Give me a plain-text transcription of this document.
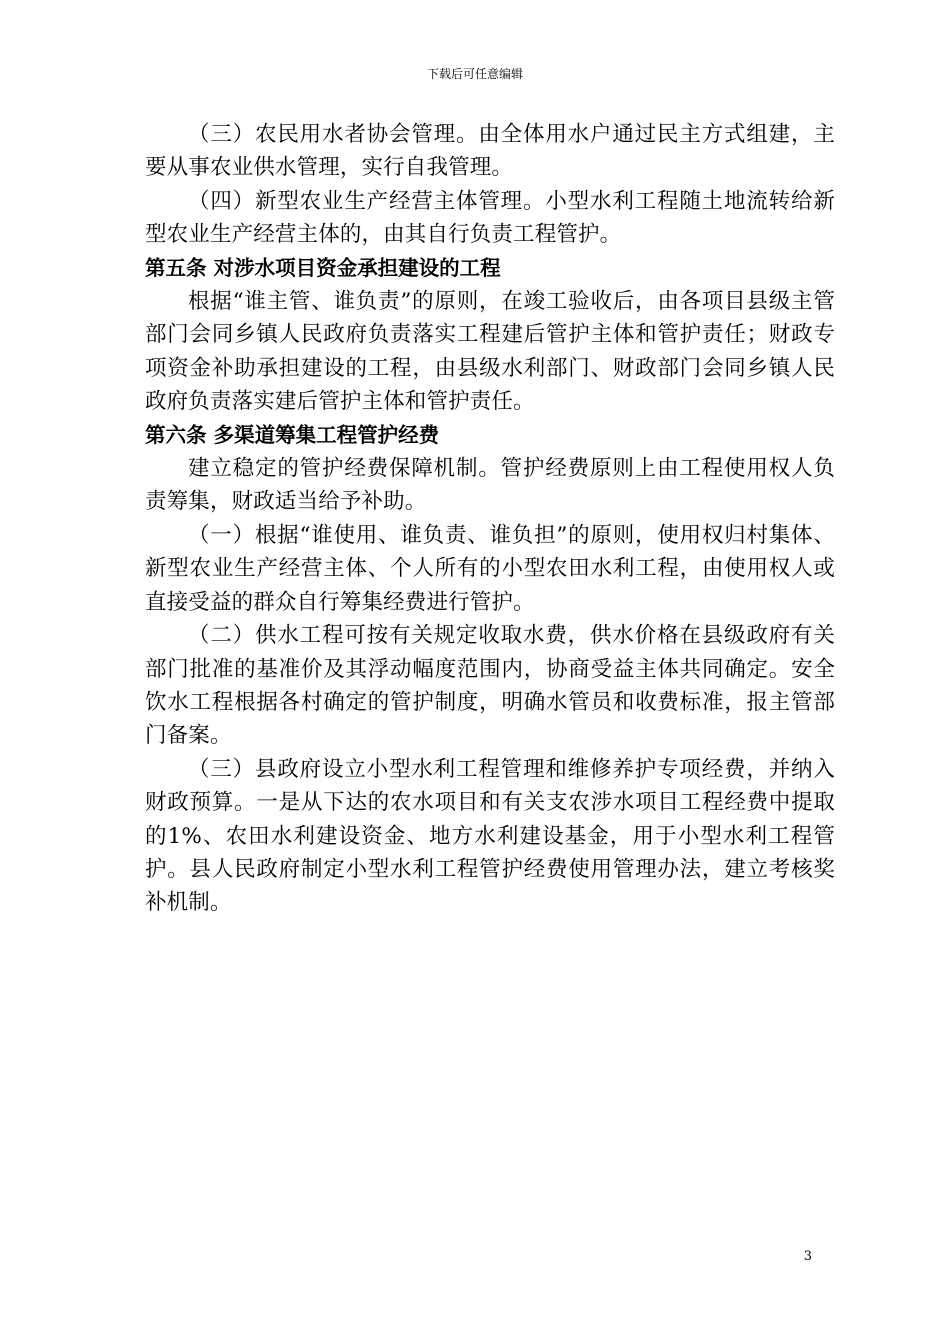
下载后可任意编辑

（三）农民用水者协会管理。由全体用水户通过民主方式组建，主要从事农业供水管理，实行自我管理。

（四）新型农业生产经营主体管理。小型水利工程随土地流转给新型农业生产经营主体的，由其自行负责工程管护。

第五条 对涉水项目资金承担建设的工程

根据“谁主管、谁负责”的原则，在竣工验收后，由各项目县级主管部门会同乡镇人民政府负责落实工程建后管护主体和管护责任；财政专项资金补助承担建设的工程，由县级水利部门、财政部门会同乡镇人民政府负责落实建后管护主体和管护责任。

第六条 多渠道筹集工程管护经费

建立稳定的管护经费保障机制。管护经费原则上由工程使用权人负责筹集，财政适当给予补助。

（一）根据“谁使用、谁负责、谁负担”的原则，使用权归村集体、新型农业生产经营主体、个人所有的小型农田水利工程，由使用权人或直接受益的群众自行筹集经费进行管护。

（二）供水工程可按有关规定收取水费，供水价格在县级政府有关部门批准的基准价及其浮动幅度范围内，协商受益主体共同确定。安全饮水工程根据各村确定的管护制度，明确水管员和收费标准，报主管部门备案。

（三）县政府设立小型水利工程管理和维修养护专项经费，并纳入财政预算。一是从下达的农水项目和有关支农涉水项目工程经费中提取的1%、农田水利建设资金、地方水利建设基金，用于小型水利工程管护。县人民政府制定小型水利工程管护经费使用管理办法，建立考核奖补机制。

3
